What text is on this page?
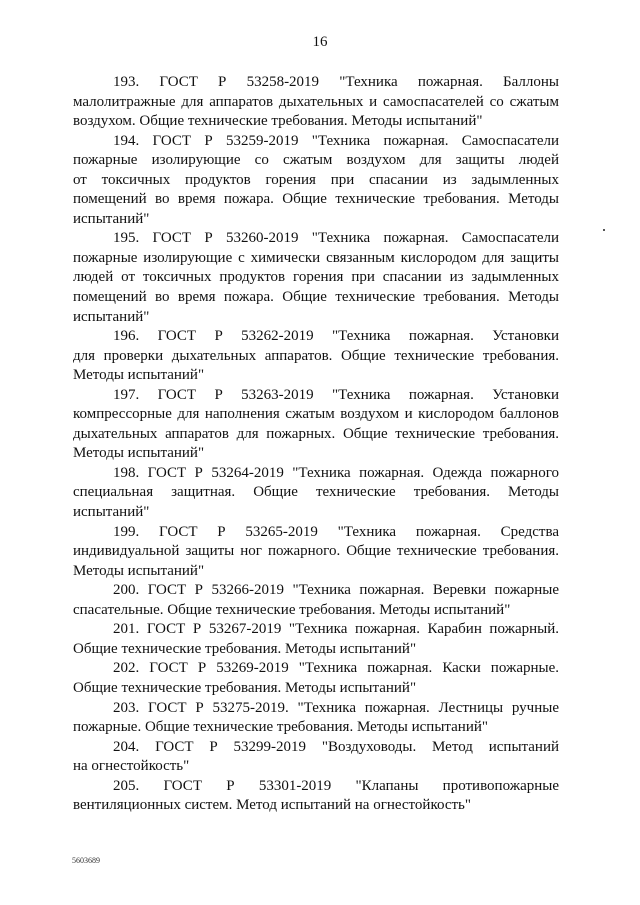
16
193. ГОСТ Р 53258-2019 "Техника пожарная. Баллоны
малолитражные для аппаратов дыхательных и самоспасателей со сжатым
воздухом. Общие технические требования. Методы испытаний"
194. ГОСТ Р 53259-2019 "Техника пожарная. Самоспасатели
пожарные изолирующие со сжатым воздухом для защиты людей
от токсичных продуктов горения при спасании из задымленных
помещений во время пожара. Общие технические требования. Методы
испытаний"
195. ГОСТ Р 53260-2019 "Техника пожарная. Самоспасатели
пожарные изолирующие с химически связанным кислородом для защиты
людей от токсичных продуктов горения при спасании из задымленных
помещений во время пожара. Общие технические требования. Методы
испытаний"
196. ГОСТ Р 53262-2019 "Техника пожарная. Установки
для проверки дыхательных аппаратов. Общие технические требования.
Методы испытаний"
197. ГОСТ Р 53263-2019 "Техника пожарная. Установки
компрессорные для наполнения сжатым воздухом и кислородом баллонов
дыхательных аппаратов для пожарных. Общие технические требования.
Методы испытаний"
198. ГОСТ Р 53264-2019 "Техника пожарная. Одежда пожарного
специальная защитная. Общие технические требования. Методы
испытаний"
199. ГОСТ Р 53265-2019 "Техника пожарная. Средства
индивидуальной защиты ног пожарного. Общие технические требования.
Методы испытаний"
200. ГОСТ Р 53266-2019 "Техника пожарная. Веревки пожарные
спасательные. Общие технические требования. Методы испытаний"
201. ГОСТ Р 53267-2019 "Техника пожарная. Карабин пожарный.
Общие технические требования. Методы испытаний"
202. ГОСТ Р 53269-2019 "Техника пожарная. Каски пожарные.
Общие технические требования. Методы испытаний"
203. ГОСТ Р 53275-2019. "Техника пожарная. Лестницы ручные
пожарные. Общие технические требования. Методы испытаний"
204. ГОСТ Р 53299-2019 "Воздуховоды. Метод испытаний
на огнестойкость"
205. ГОСТ Р 53301-2019 "Клапаны противопожарные
вентиляционных систем. Метод испытаний на огнестойкость"
5603689
